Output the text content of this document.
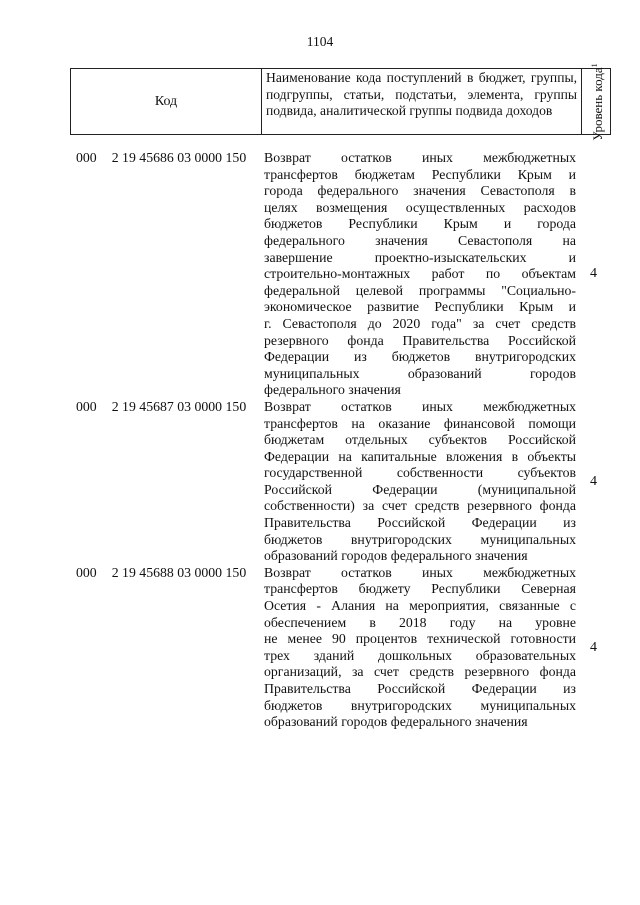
1104
Код
Наименование кода поступлений в бюджет, группы, подгруппы, статьи, подстатьи, элемента, группы подвида, аналитической группы подвида доходов	Уровень кода$^1$
000 2 19 45686 03 0000 150 Возврат остатков иных межбюджетных
трансфертов бюджетам Республики Крым и
города федерального значения Севастополя в
целях возмещения осуществленных расходов
бюджетов Республики Крым и города
федерального значения Севастополя на
завершение проектно-изыскательских и
строительно-монтажных работ по объектам
федеральной целевой программы "Социально-
экономическое развитие Республики Крым и
г. Севастополя до 2020 года" за счет средств
резервного фонда Правительства Российской
Федерации из бюджетов внутригородских
муниципальных образований городов
федерального значения
4
000 2 19 45687 03 0000 150 Возврат остатков иных межбюджетных
трансфертов на оказание финансовой помощи
бюджетам отдельных субъектов Российской
Федерации на капитальные вложения в объекты
государственной собственности субъектов
Российской Федерации (муниципальной
собственности) за счет средств резервного фонда
Правительства Российской Федерации из
бюджетов внутригородских муниципальных
образований городов федерального значения
4
000 2 19 45688 03 0000 150 Возврат остатков иных межбюджетных
трансфертов бюджету Республики Северная
Осетия - Алания на мероприятия, связанные с
обеспечением в 2018 году на уровне
не менее 90 процентов технической готовности
трех зданий дошкольных образовательных
организаций, за счет средств резервного фонда
Правительства Российской Федерации из
бюджетов внутригородских муниципальных
образований городов федерального значения
4
